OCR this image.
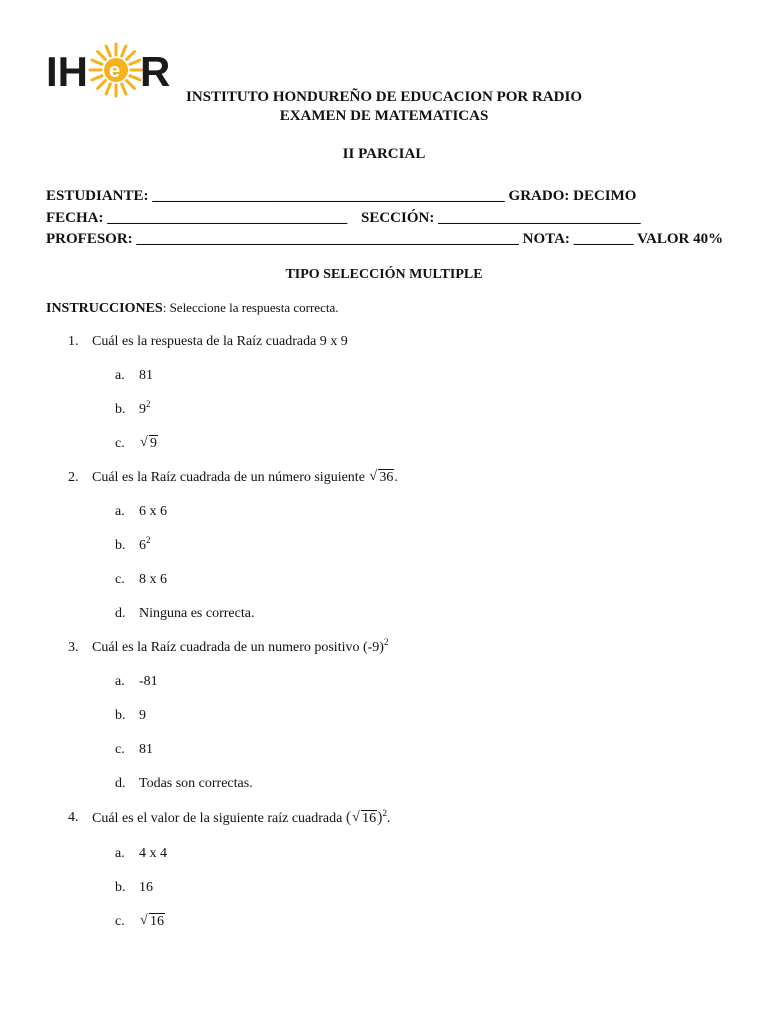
IH e R
INSTITUTO HONDUREÑO DE EDUCACION POR RADIO
EXAMEN DE MATEMATICAS
II PARCIAL
ESTUDIANTE: _______________________________________________ GRADO: DECIMO
FECHA: ________________________________ SECCIÓN: ___________________________
PROFESOR: ___________________________________________________ NOTA: ________ VALOR 40%
TIPO SELECCIÓN MULTIPLE
INSTRUCCIONES: Seleccione la respuesta correcta.
1. Cuál es la respuesta de la Raíz cuadrada 9 x 9
a. 81
b. $9^2$
c.	√ 9
2. Cuál es la Raíz cuadrada de un número siguiente √ 36.
a. 6 x 6
b. $6^2$
c. 8 x 6
d. Ninguna es correcta.
3. Cuál es la Raíz cuadrada de un numero positivo $(-9)^2$
a. -81
b. 9
c. 81
d. Todas son correctas.
4. Cuál es el valor de la siguiente raíz cuadrada ( √ 16)$^2$.
a. 4 x 4
b. 16
c.	√ 16
